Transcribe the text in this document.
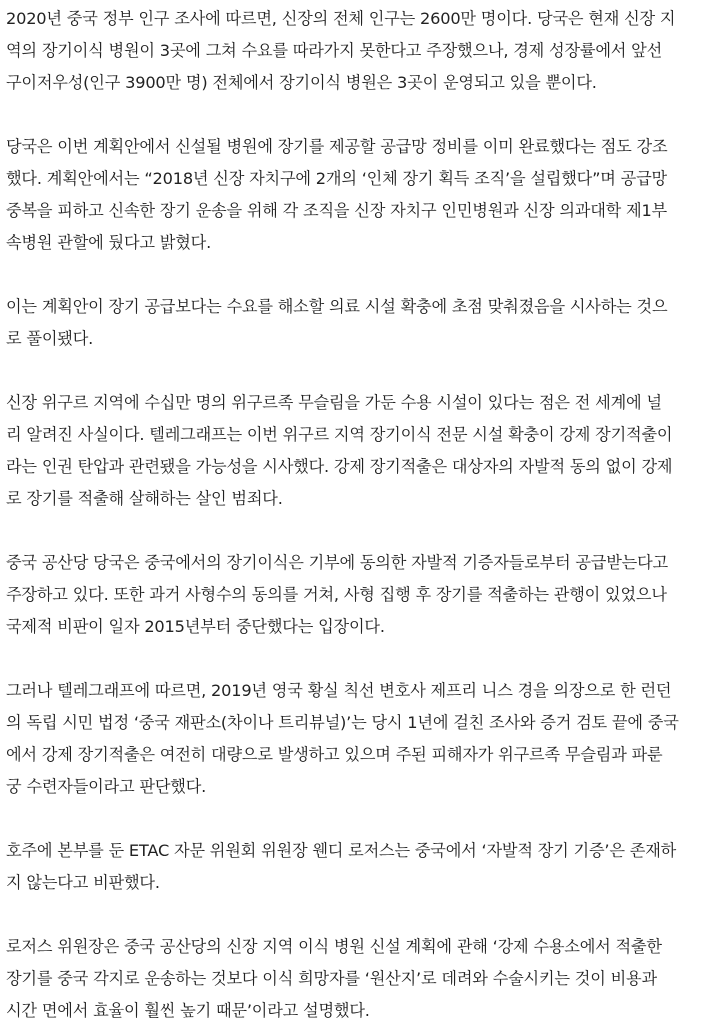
2020년 중국 정부 인구 조사에 따르면, 신장의 전체 인구는 2600만 명이다. 당국은 현재 신장 지
역의 장기이식 병원이 3곳에 그쳐 수요를 따라가지 못한다고 주장했으나, 경제 성장률에서 앞선
구이저우성(인구 3900만 명) 전체에서 장기이식 병원은 3곳이 운영되고 있을 뿐이다.

당국은 이번 계획안에서 신설될 병원에 장기를 제공할 공급망 정비를 이미 완료했다는 점도 강조
했다. 계획안에서는 “2018년 신장 자치구에 2개의 ‘인체 장기 획득 조직’을 설립했다”며 공급망
중복을 피하고 신속한 장기 운송을 위해 각 조직을 신장 자치구 인민병원과 신장 의과대학 제1부
속병원 관할에 뒀다고 밝혔다.

이는 계획안이 장기 공급보다는 수요를 해소할 의료 시설 확충에 초점 맞춰졌음을 시사하는 것으
로 풀이됐다.

신장 위구르 지역에 수십만 명의 위구르족 무슬림을 가둔 수용 시설이 있다는 점은 전 세계에 널
리 알려진 사실이다. 텔레그래프는 이번 위구르 지역 장기이식 전문 시설 확충이 강제 장기적출이
라는 인권 탄압과 관련됐을 가능성을 시사했다. 강제 장기적출은 대상자의 자발적 동의 없이 강제
로 장기를 적출해 살해하는 살인 범죄다.

중국 공산당 당국은 중국에서의 장기이식은 기부에 동의한 자발적 기증자들로부터 공급받는다고
주장하고 있다. 또한 과거 사형수의 동의를 거쳐, 사형 집행 후 장기를 적출하는 관행이 있었으나
국제적 비판이 일자 2015년부터 중단했다는 입장이다.

그러나 텔레그래프에 따르면, 2019년 영국 황실 칙선 변호사 제프리 니스 경을 의장으로 한 런던
의 독립 시민 법정 ‘중국 재판소(차이나 트리뷰널)’는 당시 1년에 걸친 조사와 증거 검토 끝에 중국
에서 강제 장기적출은 여전히 대량으로 발생하고 있으며 주된 피해자가 위구르족 무슬림과 파룬
궁 수련자들이라고 판단했다.

호주에 본부를 둔 ETAC 자문 위원회 위원장 웬디 로저스는 중국에서 ‘자발적 장기 기증’은 존재하
지 않는다고 비판했다.

로저스 위원장은 중국 공산당의 신장 지역 이식 병원 신설 계획에 관해 ‘강제 수용소에서 적출한
장기를 중국 각지로 운송하는 것보다 이식 희망자를 ‘원산지’로 데려와 수술시키는 것이 비용과
시간 면에서 효율이 훨씬 높기 때문’이라고 설명했다.
